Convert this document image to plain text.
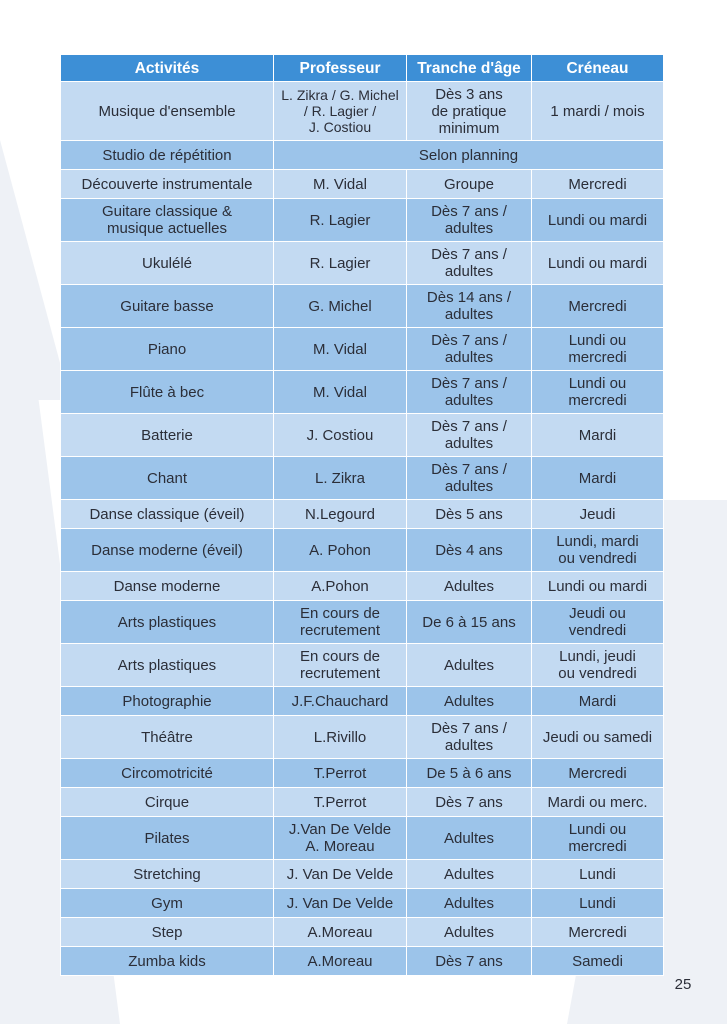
Activités	Professeur	Tranche d'âge	Créneau
Musique d'ensemble	L. Zikra / G. Michel
/ R. Lagier /
J. Costiou	Dès 3 ans
de pratique
minimum	1 mardi / mois
Studio de répétition	Selon planning		
Découverte instrumentale	M. Vidal	Groupe	Mercredi
Guitare classique &
musique actuelles	R. Lagier	Dès 7 ans /
adultes	Lundi ou mardi
Ukulélé	R. Lagier	Dès 7 ans /
adultes	Lundi ou mardi
Guitare basse	G. Michel	Dès 14 ans /
adultes	Mercredi
Piano	M. Vidal	Dès 7 ans /
adultes	Lundi ou
mercredi
Flûte à bec	M. Vidal	Dès 7 ans /
adultes	Lundi ou
mercredi
Batterie	J. Costiou	Dès 7 ans /
adultes	Mardi
Chant	L. Zikra	Dès 7 ans /
adultes	Mardi
Danse classique (éveil)	N.Legourd	Dès 5 ans	Jeudi
Danse moderne (éveil)	A. Pohon	Dès 4 ans	Lundi, mardi
ou vendredi
Danse moderne	A.Pohon	Adultes	Lundi ou mardi
Arts plastiques	En cours de
recrutement	De 6 à 15 ans	Jeudi ou
vendredi
Arts plastiques	En cours de
recrutement	Adultes	Lundi, jeudi
ou vendredi
Photographie	J.F.Chauchard	Adultes	Mardi
Théâtre	L.Rivillo	Dès 7 ans /
adultes	Jeudi ou samedi
Circomotricité	T.Perrot	De 5 à 6 ans	Mercredi
Cirque	T.Perrot	Dès 7 ans	Mardi ou merc.
Pilates	J.Van De Velde
A. Moreau	Adultes	Lundi ou
mercredi
Stretching	J. Van De Velde	Adultes	Lundi
Gym	J. Van De Velde	Adultes	Lundi
Step	A.Moreau	Adultes	Mercredi
Zumba kids	A.Moreau	Dès 7 ans	Samedi
25
